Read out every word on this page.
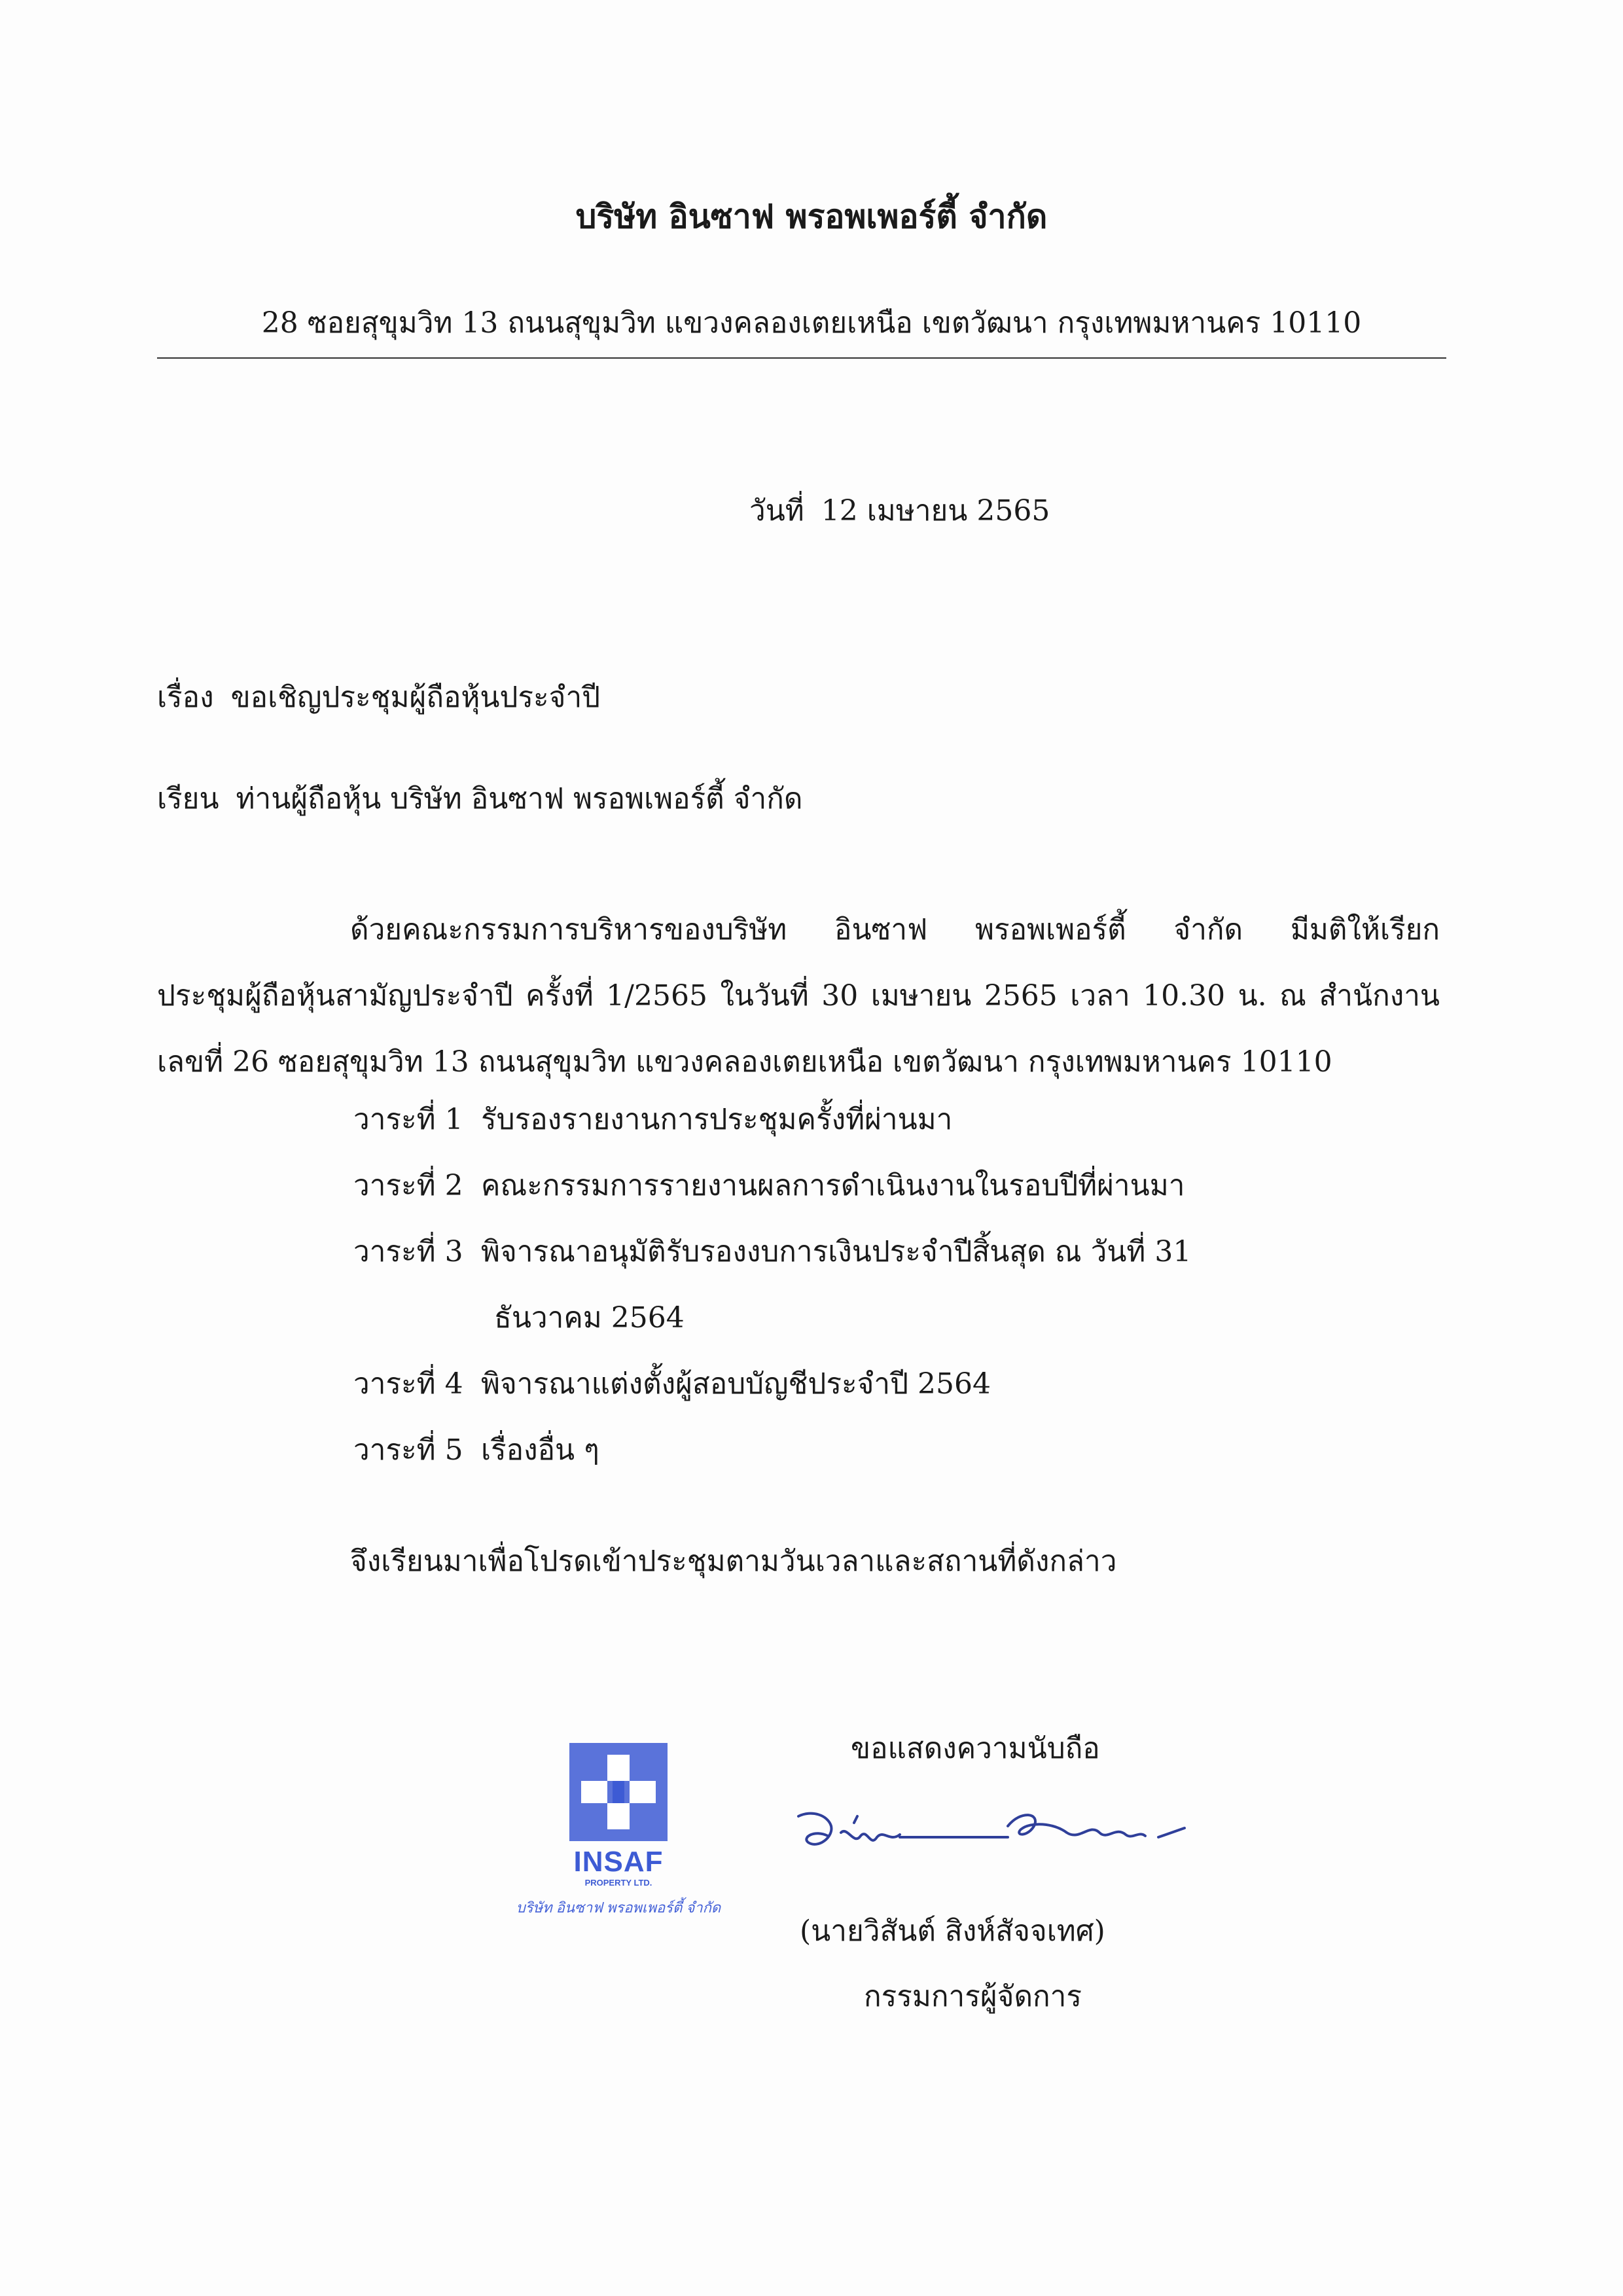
บริษัท อินซาฟ พรอพเพอร์ตี้ จำกัด
28 ซอยสุขุมวิท 13 ถนนสุขุมวิท แขวงคลองเตยเหนือ เขตวัฒนา กรุงเทพมหานคร 10110
วันที่ 12 เมษายน 2565
เรื่อง ขอเชิญประชุมผู้ถือหุ้นประจำปี
เรียน ท่านผู้ถือหุ้น บริษัท อินซาฟ พรอพเพอร์ตี้ จำกัด
ด้วยคณะกรรมการบริหารของบริษัท อินซาฟ พรอพเพอร์ตี้ จำกัด มีมติให้เรียก
ประชุมผู้ถือหุ้นสามัญประจำปี ครั้งที่ 1/2565 ในวันที่ 30 เมษายน 2565 เวลา 10.30 น. ณ สำนักงาน
เลขที่ 26 ซอยสุขุมวิท 13 ถนนสุขุมวิท แขวงคลองเตยเหนือ เขตวัฒนา กรุงเทพมหานคร 10110
วาระที่ 1 รับรองรายงานการประชุมครั้งที่ผ่านมา
วาระที่ 2 คณะกรรมการรายงานผลการดำเนินงานในรอบปีที่ผ่านมา
วาระที่ 3 พิจารณาอนุมัติรับรองงบการเงินประจำปีสิ้นสุด ณ วันที่ 31
ธันวาคม 2564
วาระที่ 4 พิจารณาแต่งตั้งผู้สอบบัญชีประจำปี 2564
วาระที่ 5 เรื่องอื่น ๆ
จึงเรียนมาเพื่อโปรดเข้าประชุมตามวันเวลาและสถานที่ดังกล่าว
ขอแสดงความนับถือ
(นายวิสันต์ สิงห์สัจจเทศ)
กรรมการผู้จัดการ
INSAF
PROPERTY LTD.
บริษัท อินซาฟ พรอพเพอร์ตี้ จำกัด
